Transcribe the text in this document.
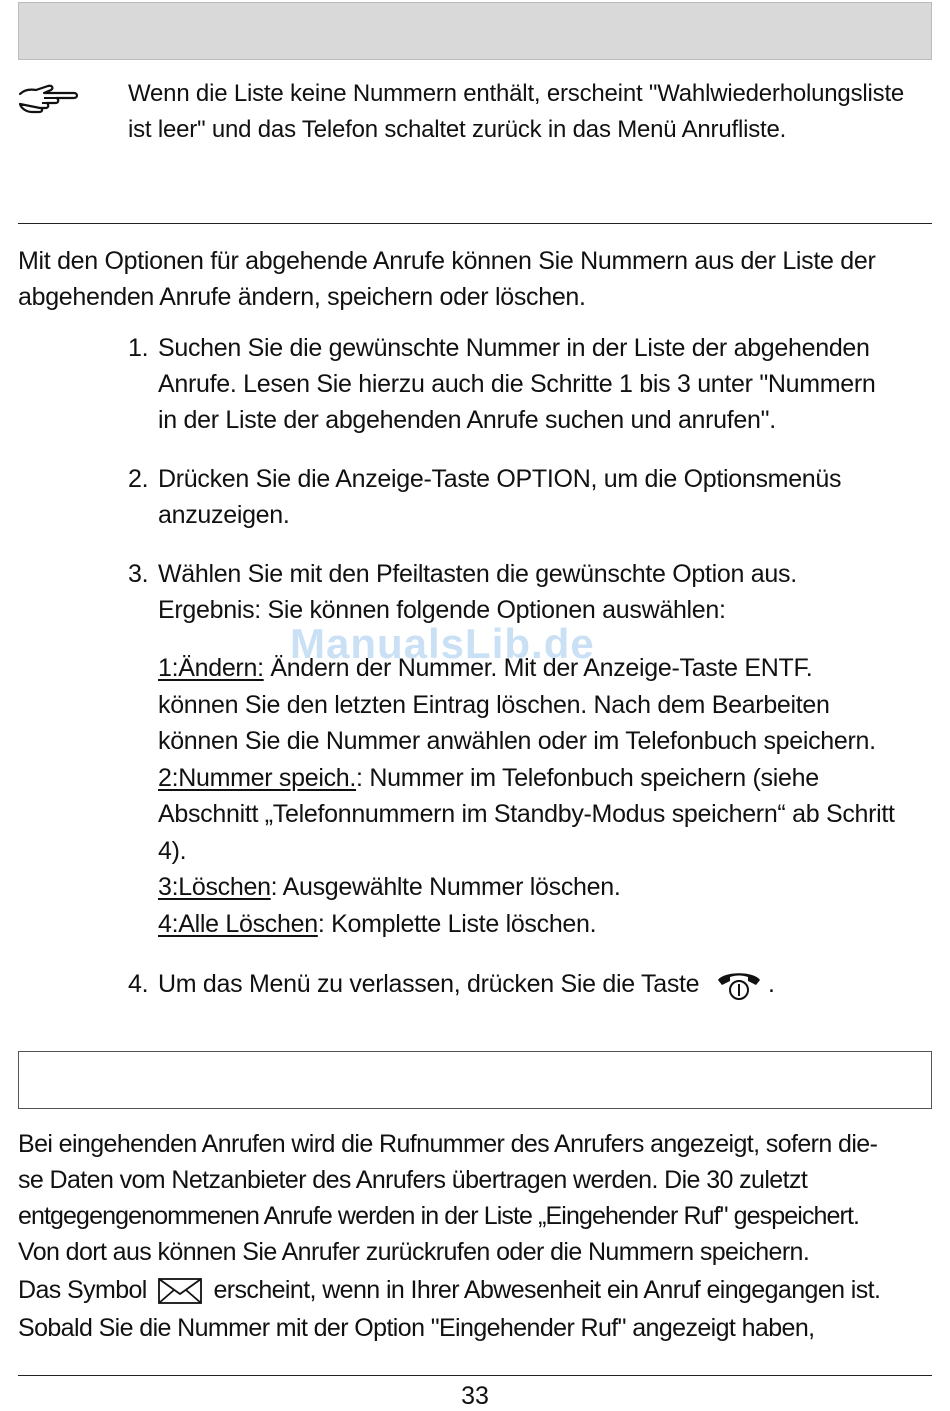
Wenn die Liste keine Nummern enthält, erscheint "Wahlwiederholungsliste
ist leer" und das Telefon schaltet zurück in das Menü Anrufliste.
Mit den Optionen für abgehende Anrufe können Sie Nummern aus der Liste der
abgehenden Anrufe ändern, speichern oder löschen.
1. Suchen Sie die gewünschte Nummer in der Liste der abgehenden
Anrufe. Lesen Sie hierzu auch die Schritte 1 bis 3 unter "Nummern
in der Liste der abgehenden Anrufe suchen und anrufen".
2. Drücken Sie die Anzeige-Taste OPTION, um die Optionsmenüs
anzuzeigen.
3. Wählen Sie mit den Pfeiltasten die gewünschte Option aus.
Ergebnis: Sie können folgende Optionen auswählen:
1:Ändern: Ändern der Nummer. Mit der Anzeige-Taste ENTF.
können Sie den letzten Eintrag löschen. Nach dem Bearbeiten
können Sie die Nummer anwählen oder im Telefonbuch speichern.
2:Nummer speich.: Nummer im Telefonbuch speichern (siehe
Abschnitt „Telefonnummern im Standby-Modus speichern“ ab Schritt
4).
3:Löschen: Ausgewählte Nummer löschen.
4:Alle Löschen: Komplette Liste löschen.
ManualsLib.de
4. Um das Menü zu verlassen, drücken Sie die Taste	.
Bei eingehenden Anrufen wird die Rufnummer des Anrufers angezeigt, sofern die-
se Daten vom Netzanbieter des Anrufers übertragen werden. Die 30 zuletzt
entgegengenommenen Anrufe werden in der Liste „Eingehender Ruf" gespeichert.
Von dort aus können Sie Anrufer zurückrufen oder die Nummern speichern.
Das Symbol	erscheint, wenn in Ihrer Abwesenheit ein Anruf eingegangen ist.
Sobald Sie die Nummer mit der Option "Eingehender Ruf" angezeigt haben,
33
